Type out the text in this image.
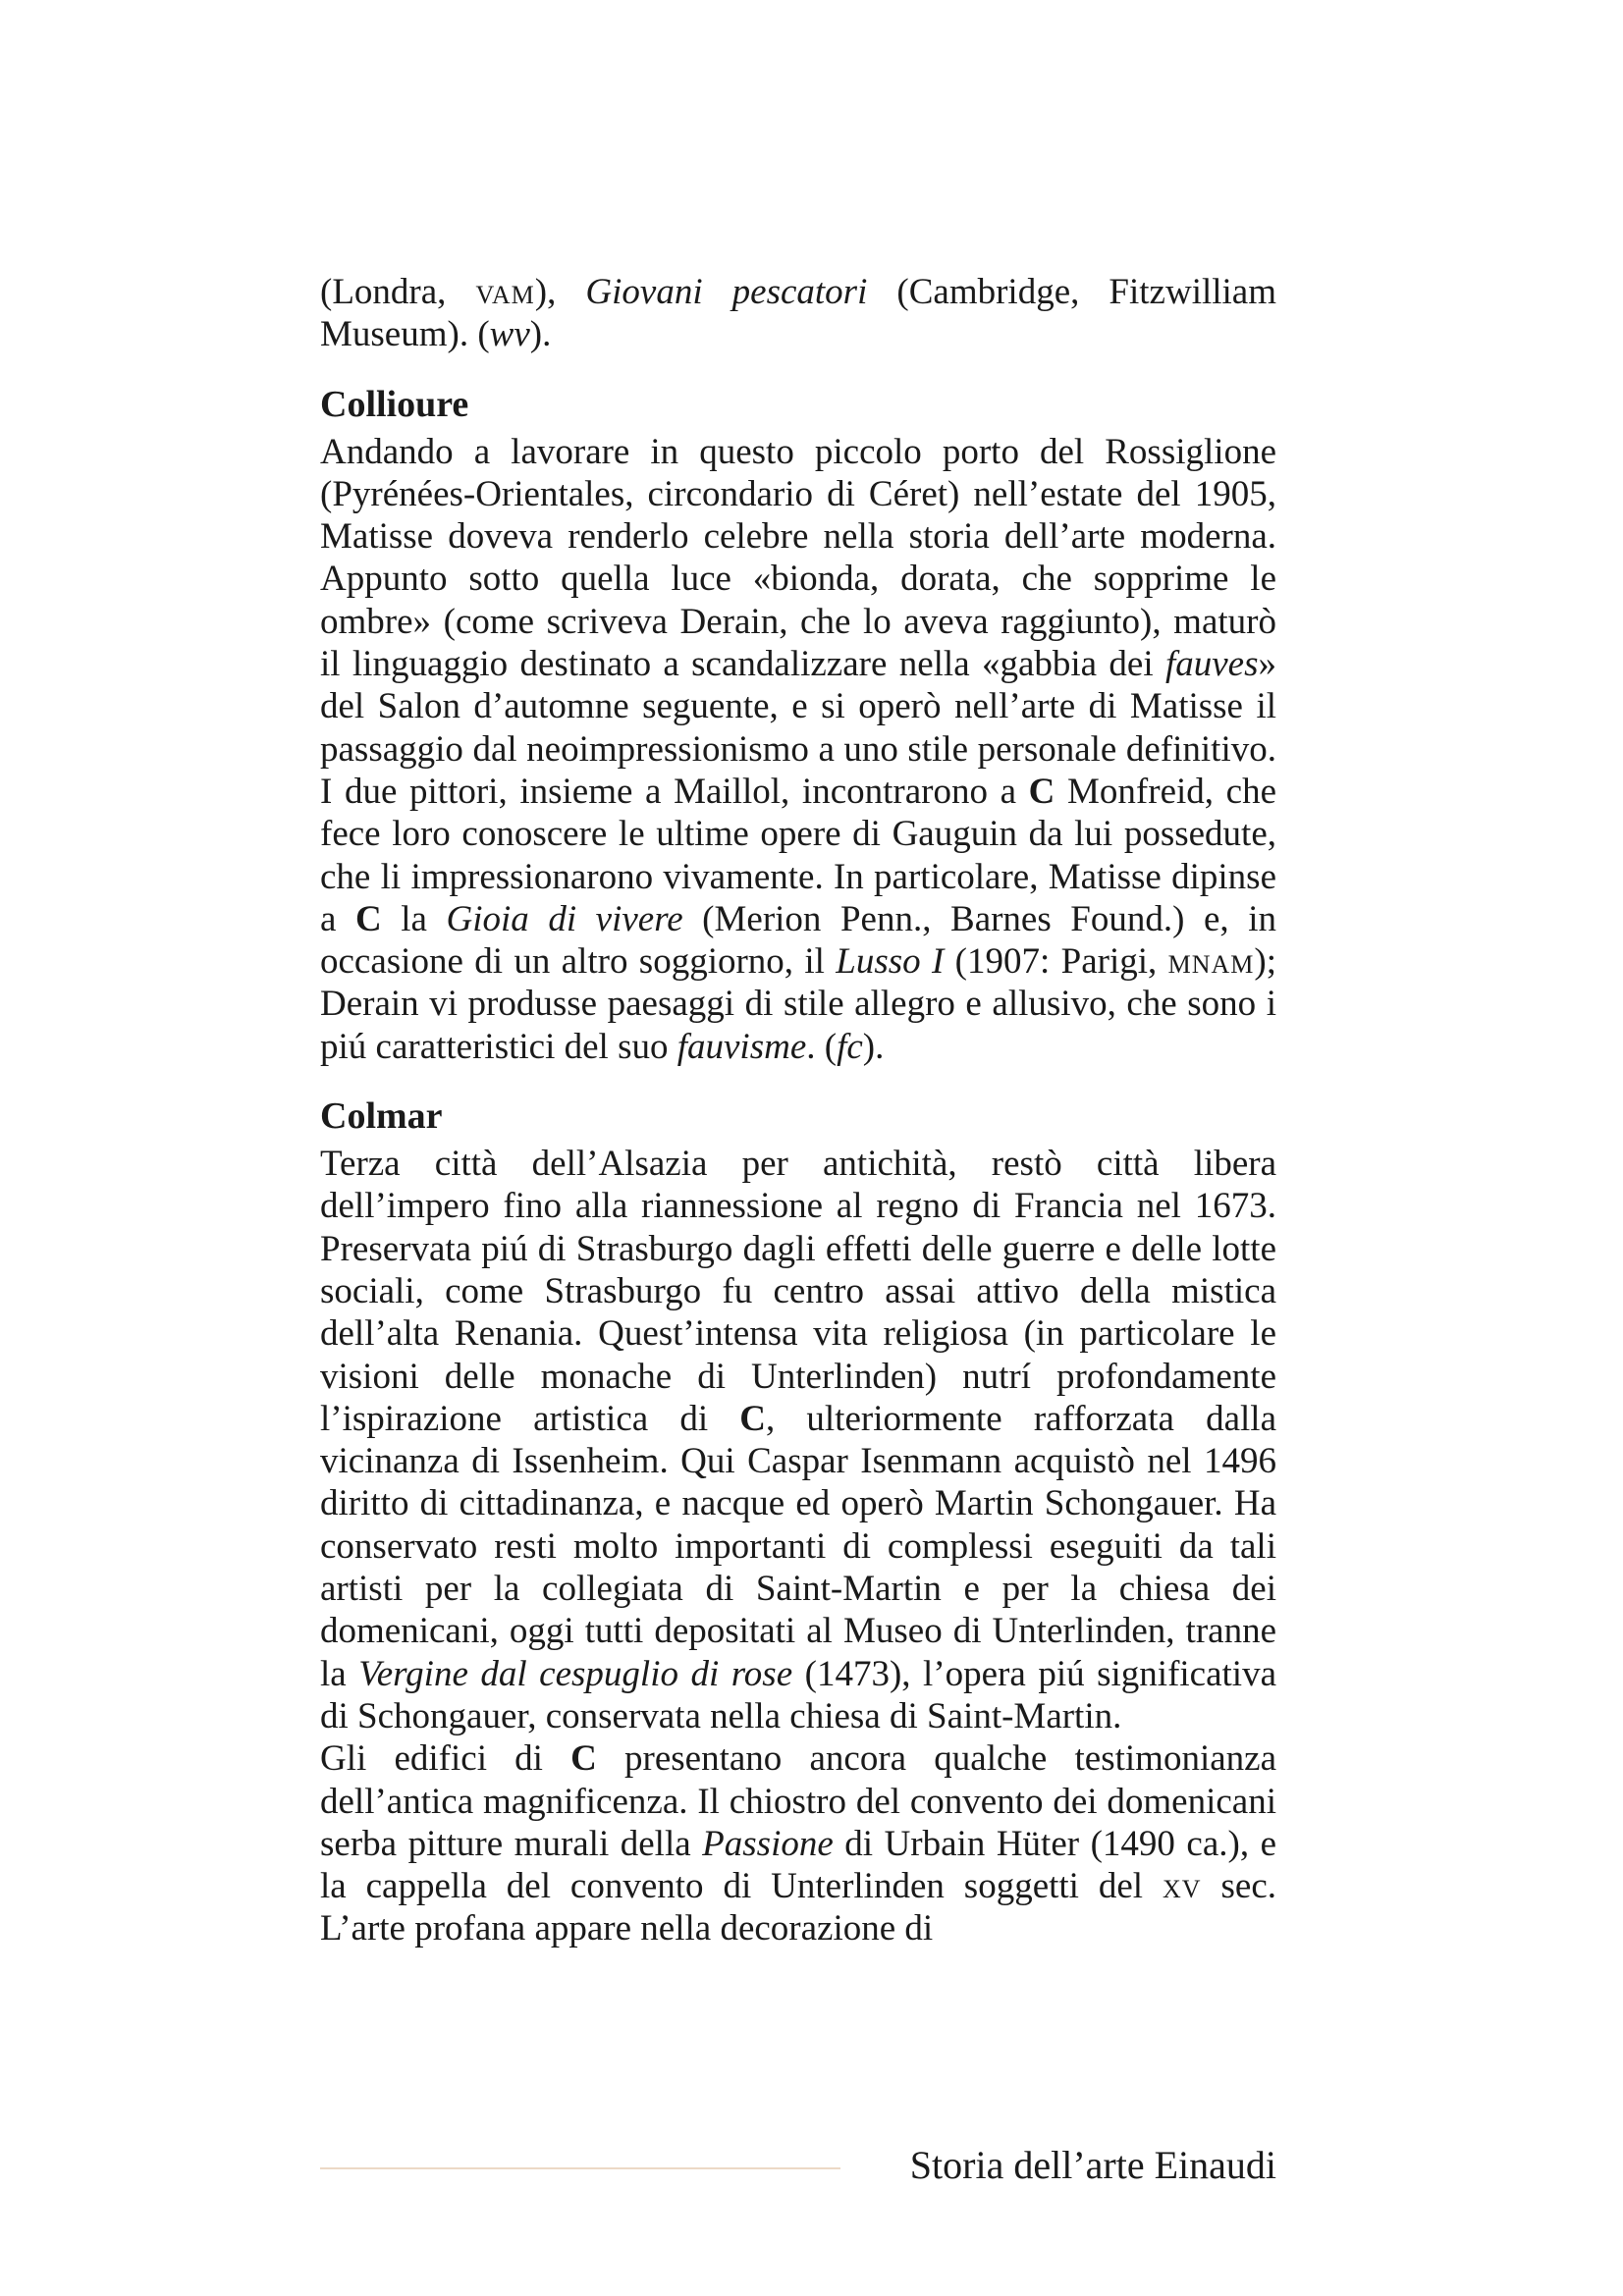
(Londra, vam), Giovani pescatori (Cambridge, Fitzwilliam Museum). (wv).

Collioure

Andando a lavorare in questo piccolo porto del Rossiglione (Pyrénées-Orientales, circondario di Céret) nell’estate del 1905, Matisse doveva renderlo celebre nella storia dell’arte moderna. Appunto sotto quella luce «bionda, dorata, che sopprime le ombre» (come scriveva Derain, che lo aveva raggiunto), maturò il linguaggio destinato a scandalizzare nella «gabbia dei fauves» del Salon d’automne seguente, e si operò nell’arte di Matisse il passaggio dal neoimpressionismo a uno stile personale definitivo. I due pittori, insieme a Maillol, incontrarono a C Monfreid, che fece loro conoscere le ultime opere di Gauguin da lui possedute, che li impressionarono vivamente. In particolare, Matisse dipinse a C la Gioia di vivere (Merion Penn., Barnes Found.) e, in occasione di un altro soggiorno, il Lusso I (1907: Parigi, mnam); Derain vi produsse paesaggi di stile allegro e allusivo, che sono i piú caratteristici del suo fauvisme. (fc).

Colmar

Terza città dell’Alsazia per antichità, restò città libera dell’impero fino alla riannessione al regno di Francia nel 1673. Preservata piú di Strasburgo dagli effetti delle guerre e delle lotte sociali, come Strasburgo fu centro assai attivo della mistica dell’alta Renania. Quest’intensa vita religiosa (in particolare le visioni delle monache di Unterlinden) nutrí profondamente l’ispirazione artistica di C, ulteriormente rafforzata dalla vicinanza di Issenheim. Qui Caspar Isenmann acquistò nel 1496 diritto di cittadinanza, e nacque ed operò Martin Schongauer. Ha conservato resti molto importanti di complessi eseguiti da tali artisti per la collegiata di Saint-Martin e per la chiesa dei domenicani, oggi tutti depositati al Museo di Unterlinden, tranne la Vergine dal cespuglio di rose (1473), l’opera piú significativa di Schongauer, conservata nella chiesa di Saint-Martin.

Gli edifici di C presentano ancora qualche testimonianza dell’antica magnificenza. Il chiostro del convento dei domenicani serba pitture murali della Passione di Urbain Hüter (1490 ca.), e la cappella del convento di Unterlinden soggetti del xv sec. L’arte profana appare nella decorazione di

Storia dell’arte Einaudi
